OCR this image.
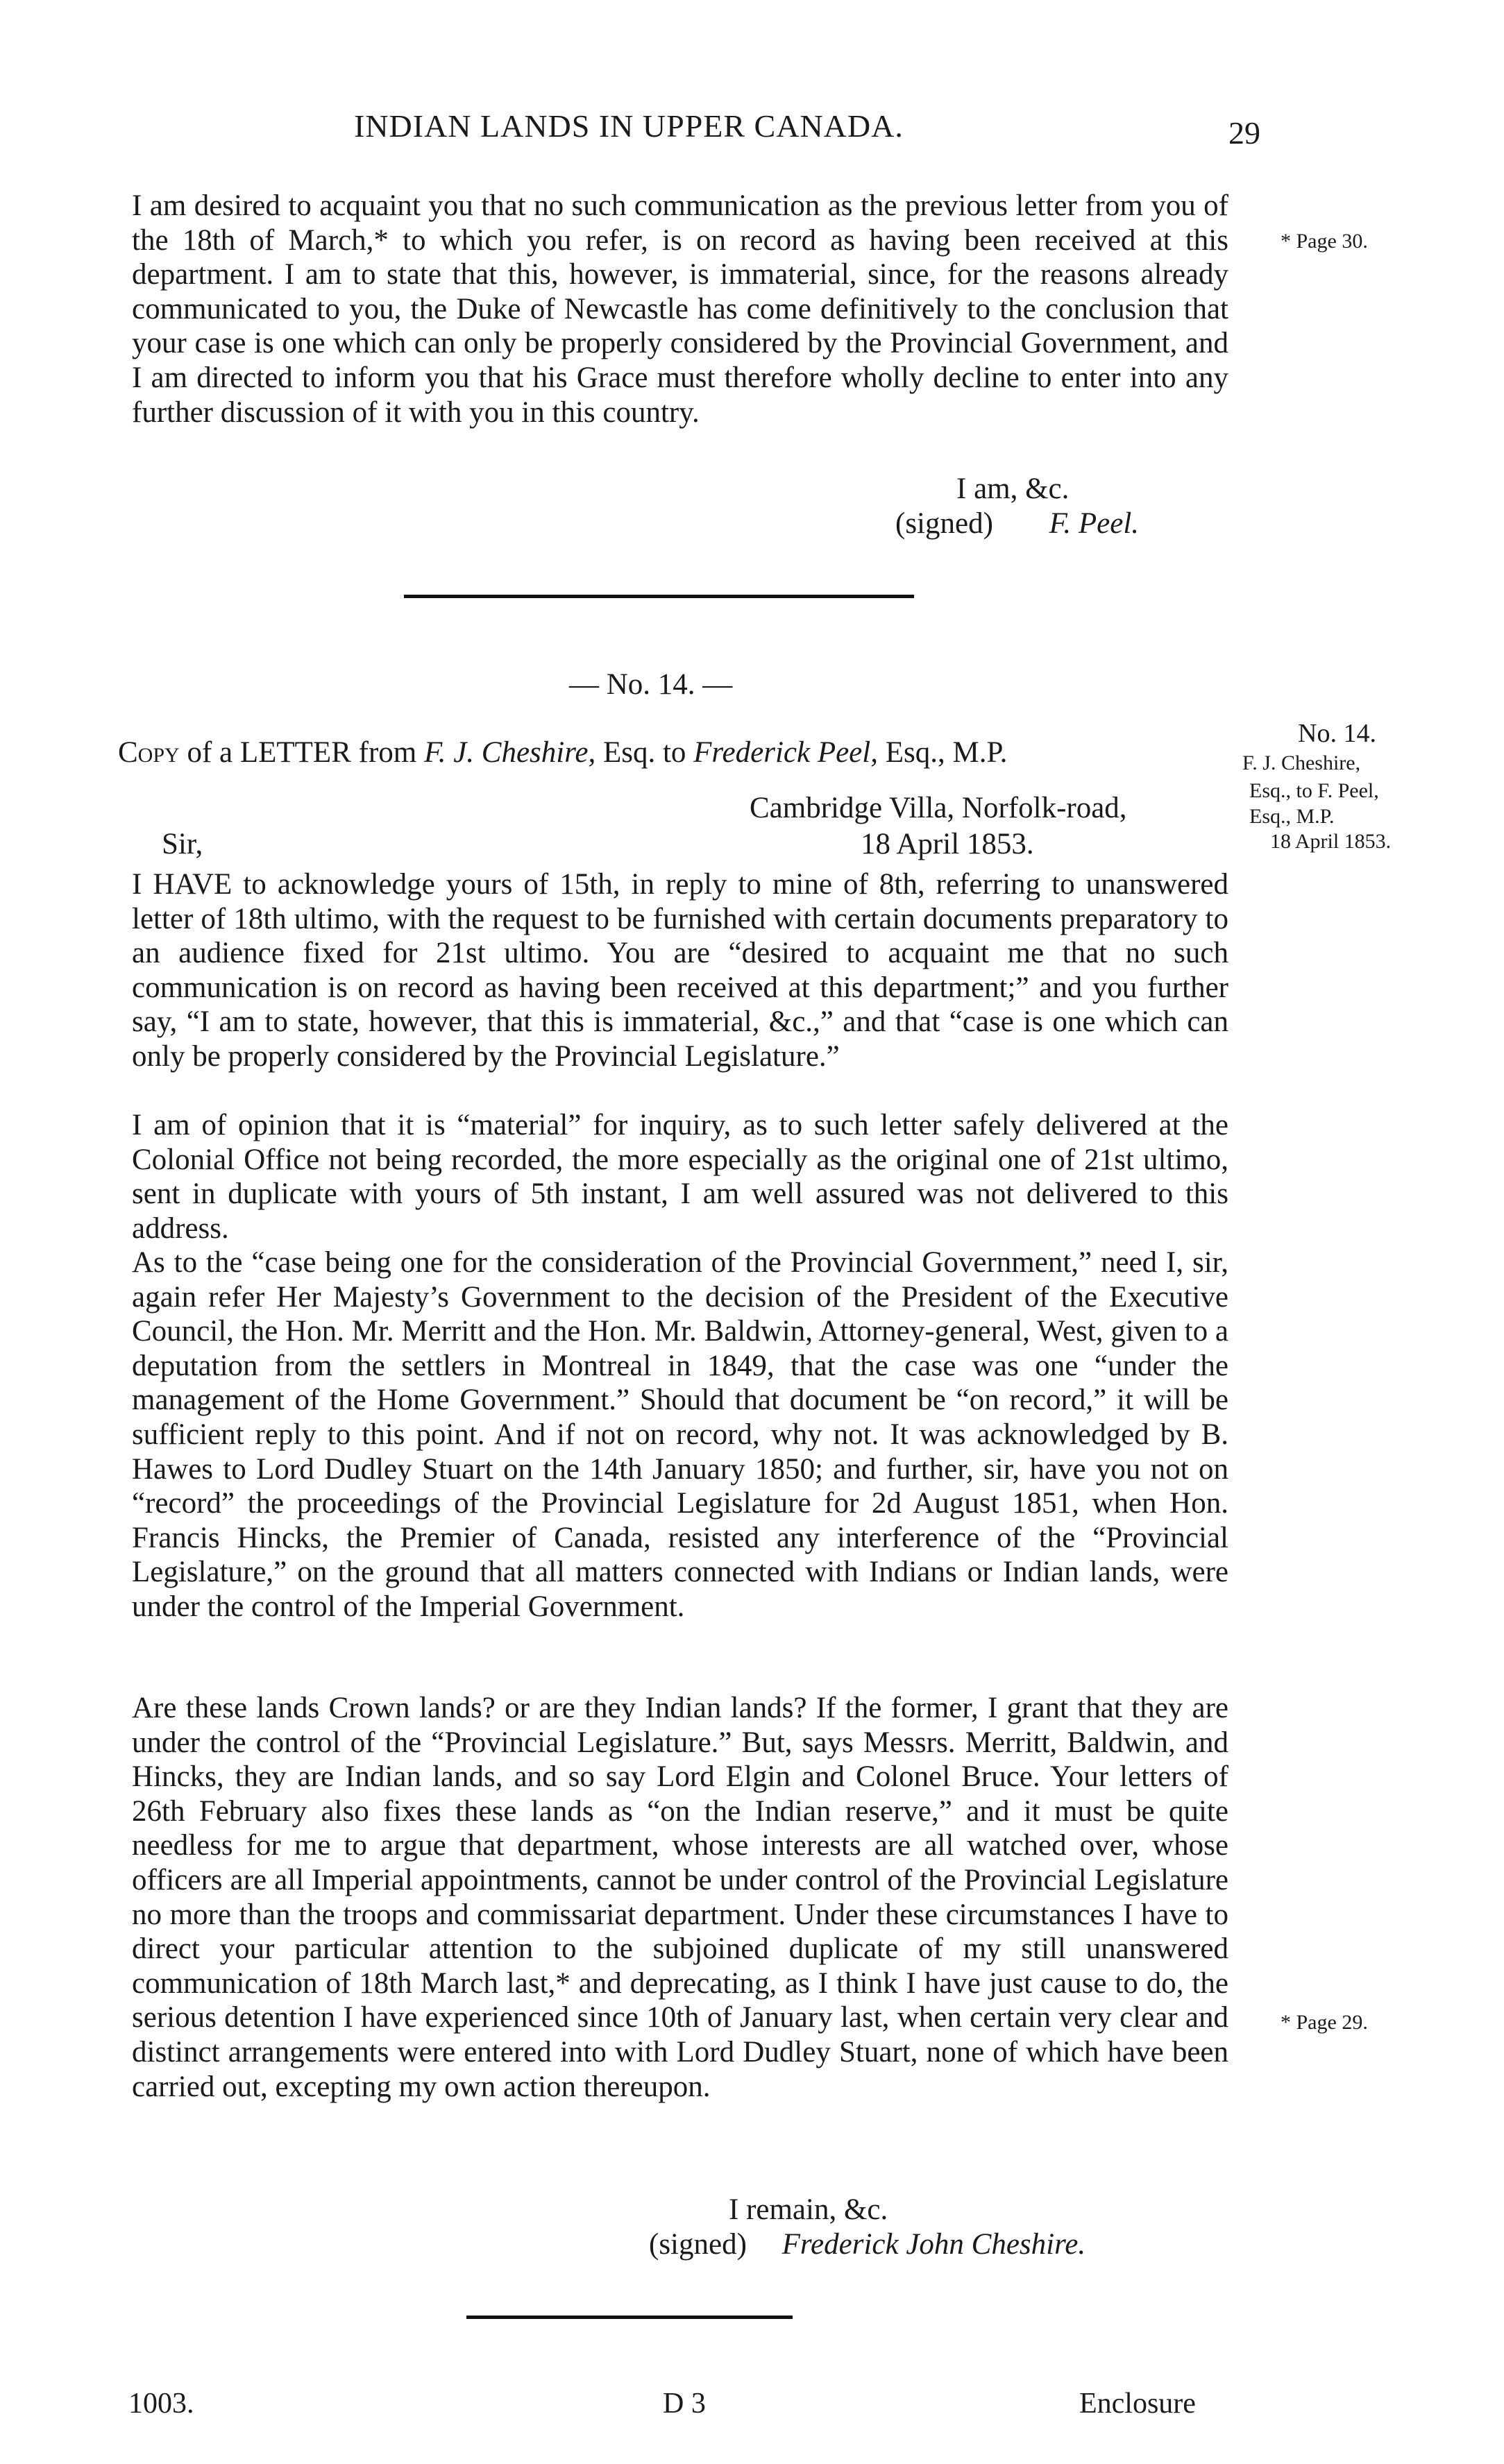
INDIAN LANDS IN UPPER CANADA.	29

I am desired to acquaint you that no such communication as the previous letter from you of the 18th of March,* to which you refer, is on record as having been received at this department. I am to state that this, however, is immaterial, since, for the reasons already communicated to you, the Duke of Newcastle has come definitively to the conclusion that your case is one which can only be properly considered by the Provincial Government, and I am directed to inform you that his Grace must therefore wholly decline to enter into any further discussion of it with you in this country.

* Page 30.
I am, &c.
(signed) F. Peel.
— No. 14. —
Copy of a LETTER from F. J. Cheshire, Esq. to Frederick Peel, Esq., M.P.
No. 14.
F. J. Cheshire,
Esq., to F. Peel,
Esq., M.P.
18 April 1853.
Cambridge Villa, Norfolk-road,
18 April 1853.
Sir,

I HAVE to acknowledge yours of 15th, in reply to mine of 8th, referring to unanswered letter of 18th ultimo, with the request to be furnished with certain documents preparatory to an audience fixed for 21st ultimo. You are “desired to acquaint me that no such communication is on record as having been received at this department;” and you further say, “I am to state, however, that this is immaterial, &c.,” and that “case is one which can only be properly considered by the Provincial Legislature.”

I am of opinion that it is “material” for inquiry, as to such letter safely delivered at the Colonial Office not being recorded, the more especially as the original one of 21st ultimo, sent in duplicate with yours of 5th instant, I am well assured was not delivered to this address.

As to the “case being one for the consideration of the Provincial Government,” need I, sir, again refer Her Majesty’s Government to the decision of the President of the Executive Council, the Hon. Mr. Merritt and the Hon. Mr. Baldwin, Attorney-general, West, given to a deputation from the settlers in Montreal in 1849, that the case was one “under the management of the Home Government.” Should that document be “on record,” it will be sufficient reply to this point. And if not on record, why not. It was acknowledged by B. Hawes to Lord Dudley Stuart on the 14th January 1850; and further, sir, have you not on “record” the proceedings of the Provincial Legislature for 2d August 1851, when Hon. Francis Hincks, the Premier of Canada, resisted any interference of the “Provincial Legislature,” on the ground that all matters connected with Indians or Indian lands, were under the control of the Imperial Government.

Are these lands Crown lands? or are they Indian lands? If the former, I grant that they are under the control of the “Provincial Legislature.” But, says Messrs. Merritt, Baldwin, and Hincks, they are Indian lands, and so say Lord Elgin and Colonel Bruce. Your letters of 26th February also fixes these lands as “on the Indian reserve,” and it must be quite needless for me to argue that department, whose interests are all watched over, whose officers are all Imperial appointments, cannot be under control of the Provincial Legislature no more than the troops and commissariat department. Under these circumstances I have to direct your particular attention to the subjoined duplicate of my still unanswered communication of 18th March last,* and deprecating, as I think I have just cause to do, the serious detention I have experienced since 10th of January last, when certain very clear and distinct arrangements were entered into with Lord Dudley Stuart, none of which have been carried out, excepting my own action thereupon.

* Page 29.
I remain, &c.
(signed) Frederick John Cheshire.
1003.	D 3	Enclosure
